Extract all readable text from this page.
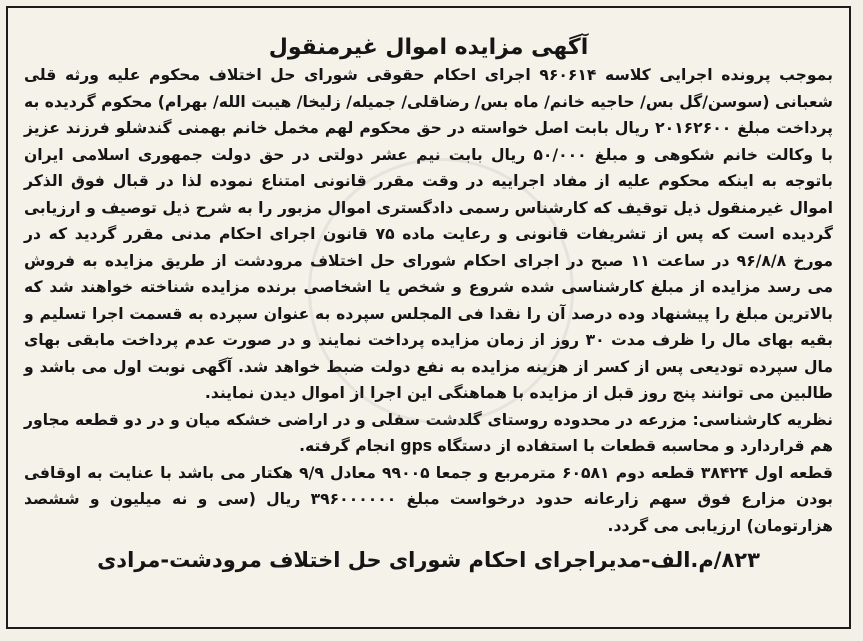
آگهی مزایده اموال غیرمنقول

بموجب پرونده اجرایی کلاسه ۹۶۰۶۱۴ اجرای احکام حقوقی شورای حل اختلاف محکوم علیه ورثه قلی شعبانی (سوسن/گل بس/ حاجیه خانم/ ماه بس/ رضاقلی/ جمیله/ زلیخا/ هیبت الله/ بهرام) محکوم گردیده به پرداخت مبلغ ۲۰۱۶۲۶۰۰ ریال بابت اصل خواسته در حق محکوم لهم مخمل خانم بهمنی گندشلو فرزند عزیز با وکالت خانم شکوهی و مبلغ ۵۰/۰۰۰ ریال بابت نیم عشر دولتی در حق دولت جمهوری اسلامی ایران باتوجه به اینکه محکوم علیه از مفاد اجراییه در وقت مقرر قانونی امتناع نموده لذا در قبال فوق الذکر اموال غیرمنقول ذیل توقیف که کارشناس رسمی دادگستری اموال مزبور را به شرح ذیل توصیف و ارزیابی گردیده است که پس از تشریفات قانونی و رعایت ماده ۷۵ قانون اجرای احکام مدنی مقرر گردید که در مورخ ۹۶/۸/۸ در ساعت ۱۱ صبح در اجرای احکام شورای حل اختلاف مرودشت از طریق مزایده به فروش می رسد مزایده از مبلغ کارشناسی شده شروع و شخص یا اشخاصی برنده مزایده شناخته خواهند شد که بالاترین مبلغ را پیشنهاد وده درصد آن را نقدا فی المجلس سپرده به عنوان سپرده به قسمت اجرا تسلیم و بقیه بهای مال را ظرف مدت ۳۰ روز از زمان مزایده پرداخت نمایند و در صورت عدم پرداخت مابقی بهای مال سپرده تودیعی پس از کسر از هزینه مزایده به نفع دولت ضبط خواهد شد. آگهی نوبت اول می باشد و طالبین می توانند پنج روز قبل از مزایده با هماهنگی این اجرا از اموال دیدن نمایند.

نظریه کارشناسی: مزرعه در محدوده روستای گلدشت سفلی و در اراضی خشکه میان و در دو قطعه مجاور هم قراردارد و محاسبه قطعات با استفاده از دستگاه gps انجام گرفته.

قطعه اول ۳۸۴۲۴ قطعه دوم ۶۰۵۸۱ مترمربع و جمعا ۹۹۰۰۵ معادل ۹/۹ هکتار می باشد با عنایت به اوقافی بودن مزارع فوق سهم زارعانه حدود درخواست مبلغ ۳۹۶۰۰۰۰۰۰ ریال (سی و نه میلیون و ششصد هزارتومان) ارزیابی می گردد.

۸۲۳/م.الف-مدیراجرای احکام شورای حل اختلاف مرودشت-مرادی
